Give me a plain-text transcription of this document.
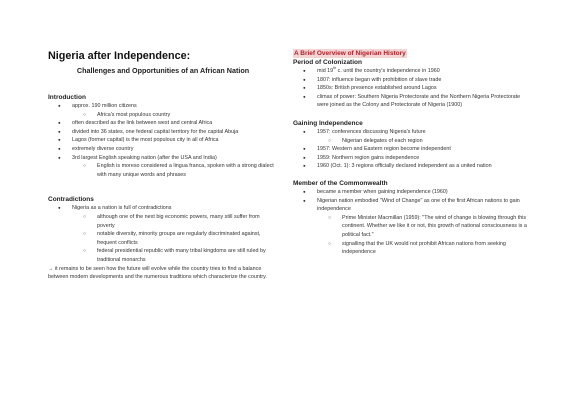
Nigeria after Independence:

Challenges and Opportunities of an African Nation

Introduction
● approx. 190 million citizens
○ Africa's most populous country
● often described as the link between west and central Africa
● divided into 36 states, one federal capital territory for the capital Abuja
● Lagos (former capital) is the most populous city in all of Africa
● extremely diverse country
● 3rd largest English speaking nation (after the USA and India)
○ English is moreso considered a lingua franca, spoken with a strong dialect with many unique words and phrases
Contradictions
● Nigeria as a nation is full of contradictions
○ although one of the next big economic powers, many still suffer from poverty
○ notable diversity, minority groups are regularly discriminated against, frequent conflicts
○ federal presidential republic with many tribal kingdoms are still ruled by traditional monarchs

→ it remains to be seen how the future will evolve while the country tries to find a balance between modern developments and the numerous traditions which characterize the country.

A Brief Overview of Nigerian History
Period of Colonization
● mid 19th c. until the country's independence in 1960
● 1807: influence began with prohibition of slave trade
● 1850s: British presence established around Lagos
● climax of power: Southern Nigeria Protectorate and the Northern Nigeria Protectorate were joined as the Colony and Protectorate of Nigeria (1900)
Gaining Independence
● 1957: conferences discussing Nigeria's future
○ Nigerian delegates of each region
● 1957: Western and Eastern region become independent
● 1959: Northern region gains independence
● 1960 (Oct. 1): 3 regions officially declared independent as a united nation
Member of the Commonwealth
● became a member when gaining independence (1960)
● Nigerian nation embodied "Wind of Change" as one of the first African nations to gain independence
○ Prime Minister Macmillan (1959): "The wind of change is blowing through this continent. Whether we like it or not, this growth of national consciousness is a political fact."
○ signalling that the UK would not prohibit African nations from seeking independence
